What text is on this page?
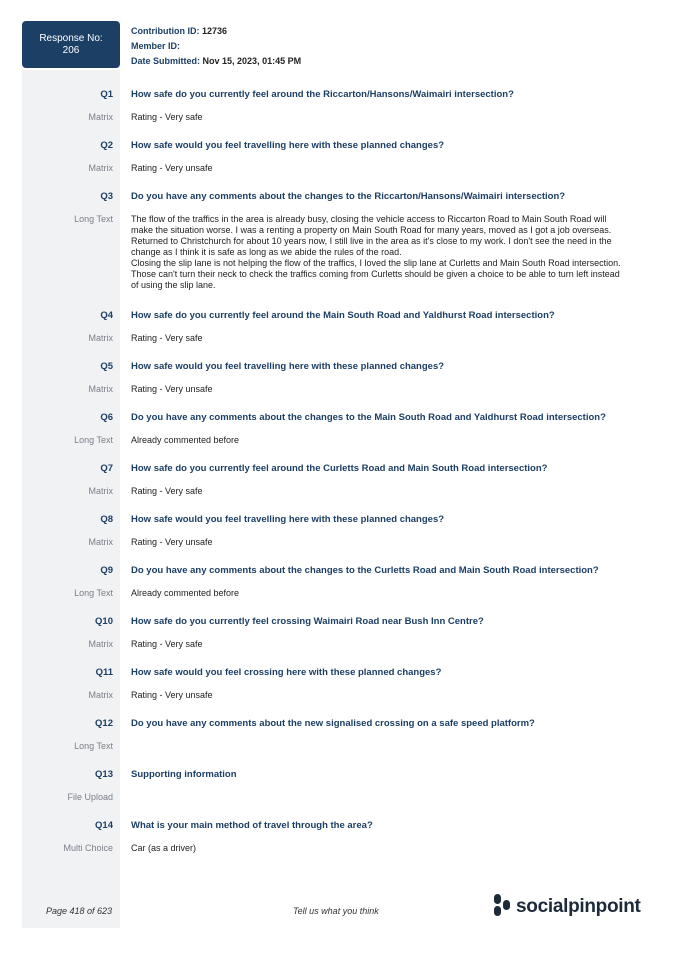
Response No:
206
Contribution ID: 12736
Member ID:
Date Submitted: Nov 15, 2023, 01:45 PM
Q1 How safe do you currently feel around the Riccarton/Hansons/Waimairi intersection?
Matrix Rating - Very safe
Q2 How safe would you feel travelling here with these planned changes?
Matrix Rating - Very unsafe
Q3 Do you have any comments about the changes to the Riccarton/Hansons/Waimairi intersection?
Long Text The flow of the traffics in the area is already busy, closing the vehicle access to Riccarton Road to Main South Road will make the situation worse. I was a renting a property on Main South Road for many years, moved as I got a job overseas. Returned to Christchurch for about 10 years now, I still live in the area as it's close to my work. I don't see the need in the change as I think it is safe as long as we abide the rules of the road.
Closing the slip lane is not helping the flow of the traffics, I loved the slip lane at Curletts and Main South Road intersection. Those can't turn their neck to check the traffics coming from Curletts should be given a choice to be able to turn left instead of using the slip lane.
Q4 How safe do you currently feel around the Main South Road and Yaldhurst Road intersection?
Matrix Rating - Very safe
Q5 How safe would you feel travelling here with these planned changes?
Matrix Rating - Very unsafe
Q6 Do you have any comments about the changes to the Main South Road and Yaldhurst Road intersection?
Long Text Already commented before
Q7 How safe do you currently feel around the Curletts Road and Main South Road intersection?
Matrix Rating - Very safe
Q8 How safe would you feel travelling here with these planned changes?
Matrix Rating - Very unsafe
Q9 Do you have any comments about the changes to the Curletts Road and Main South Road intersection?
Long Text Already commented before
Q10 How safe do you currently feel crossing Waimairi Road near Bush Inn Centre?
Matrix Rating - Very safe
Q11 How safe would you feel crossing here with these planned changes?
Matrix Rating - Very unsafe
Q12 Do you have any comments about the new signalised crossing on a safe speed platform?
Long Text
Q13 Supporting information
File Upload
Q14 What is your main method of travel through the area?
Multi Choice Car (as a driver)
Page 418 of 623	Tell us what you think	socialpinpoint
